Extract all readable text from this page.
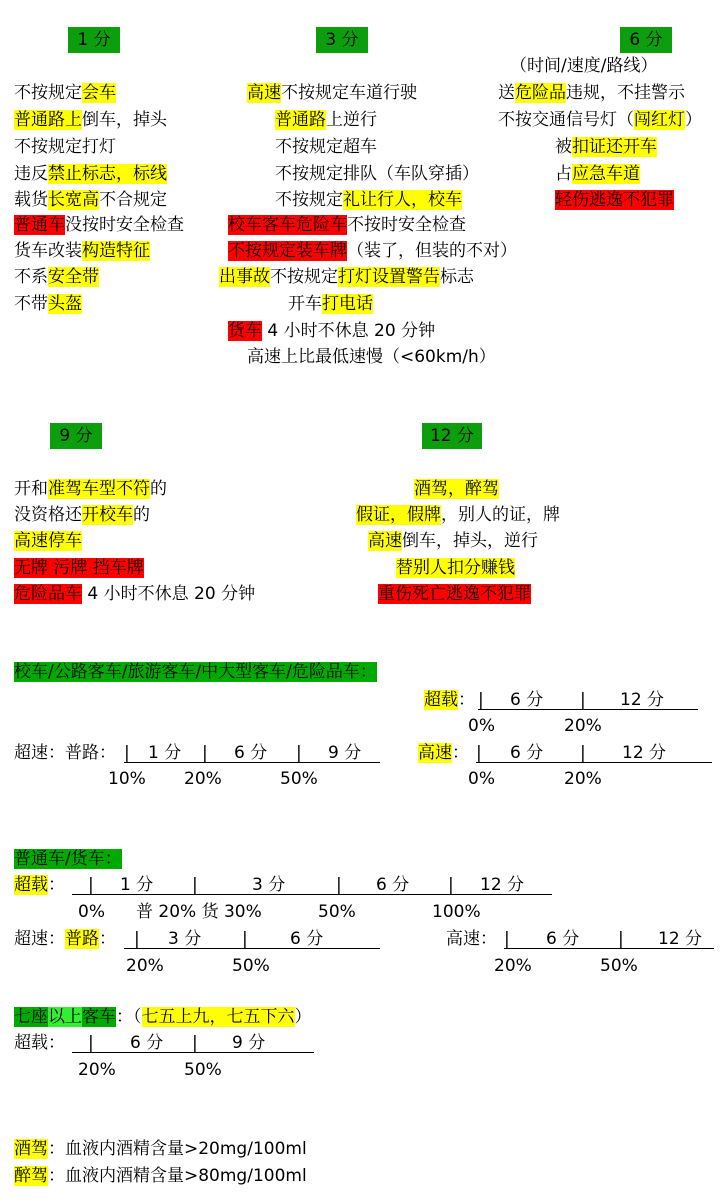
1 分	3 分	6 分
（时间/速度/路线）
不按规定会车
普通路上倒车，掉头
不按规定打灯
违反禁止标志，标线
载货长宽高不合规定
普通车没按时安全检查
货车改装构造特征
不系安全带
不带头盔
高速不按规定车道行驶
普通路上逆行
不按规定超车
不按规定排队（车队穿插）
不按规定礼让行人，校车
校车客车危险车不按时安全检查
不按规定装车牌（装了，但装的不对）
出事故不按规定打灯设置警告标志
开车打电话
货车 4 小时不休息 20 分钟
高速上比最低速慢（<60km/h）
送危险品违规，不挂警示
不按交通信号灯（闯红灯）
被扣证还开车
占应急车道
轻伤逃逸不犯罪
9 分	12 分
开和准驾车型不符的
没资格还开校车的
高速停车
无牌 污牌 挡车牌
危险品车 4 小时不休息 20 分钟
酒驾，醉驾
假证，假牌，别人的证，牌
高速倒车，掉头，逆行
替别人扣分赚钱
重伤死亡逃逸不犯罪
校车/公路客车/旅游客车/中大型客车/危险品车：
超载： | 6 分 | 12 分
0%	20%
超速：普路： | 1 分 | 6 分 | 9 分
10% 20%	50%
高速： | 6 分 | 12 分
0%	20%
普通车/货车：
超载： | 1 分 |	3 分	| 6 分 | 12 分
0% 普 20% 货 30%	50%	100%
超速：普路： | 3 分 | 6 分
20%	50%
高速： | 6 分 | 12 分
20%	50%
七座以上客车：（七五上九，七五下六）
超载： | 6 分 | 9 分
20%	50%
酒驾：血液内酒精含量>20mg/100ml
醉驾：血液内酒精含量>80mg/100ml
